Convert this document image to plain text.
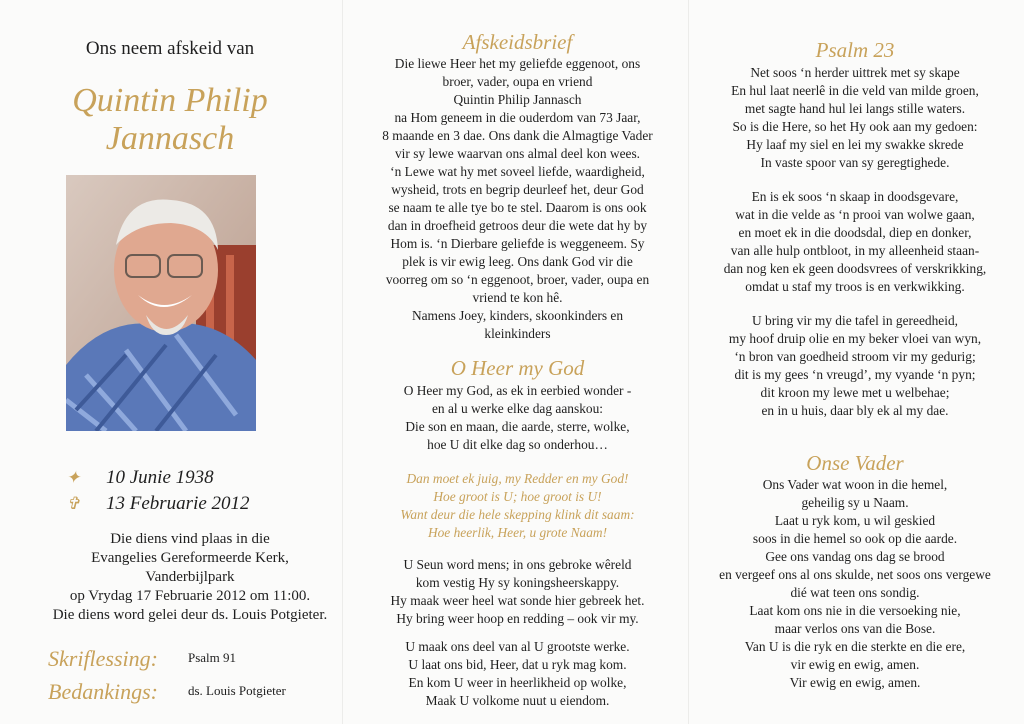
Ons neem afskeid van
Quintin Philip
Jannasch
✦ 10 Junie 1938
✞ 13 Februarie 2012
Die diens vind plaas in die
Evangelies Gereformeerde Kerk,
Vanderbijlpark
op Vrydag 17 Februarie 2012 om 11:00.
Die diens word gelei deur ds. Louis Potgieter.
Skriflessing: Psalm 91
Bedankings: ds. Louis Potgieter
Afskeidsbrief
Die liewe Heer het my geliefde eggenoot, ons
broer, vader, oupa en vriend
Quintin Philip Jannasch
na Hom geneem in die ouderdom van 73 Jaar,
8 maande en 3 dae. Ons dank die Almagtige Vader
vir sy lewe waarvan ons almal deel kon wees.
‘n Lewe wat hy met soveel liefde, waardigheid,
wysheid, trots en begrip deurleef het, deur God
se naam te alle tye bo te stel. Daarom is ons ook
dan in droefheid getroos deur die wete dat hy by
Hom is. ‘n Dierbare geliefde is weggeneem. Sy
plek is vir ewig leeg. Ons dank God vir die
voorreg om so ‘n eggenoot, broer, vader, oupa en
vriend te kon hê.
Namens Joey, kinders, skoonkinders en
kleinkinders
O Heer my God
O Heer my God, as ek in eerbied wonder -
en al u werke elke dag aanskou:
Die son en maan, die aarde, sterre, wolke,
hoe U dit elke dag so onderhou…
Dan moet ek juig, my Redder en my God!
Hoe groot is U; hoe groot is U!
Want deur die hele skepping klink dit saam:
Hoe heerlik, Heer, u grote Naam!
U Seun word mens; in ons gebroke wêreld
kom vestig Hy sy koningsheerskappy.
Hy maak weer heel wat sonde hier gebreek het.
Hy bring weer hoop en redding – ook vir my.
U maak ons deel van al U grootste werke.
U laat ons bid, Heer, dat u ryk mag kom.
En kom U weer in heerlikheid op wolke,
Maak U volkome nuut u eiendom.
Psalm 23
Net soos ‘n herder uittrek met sy skape
En hul laat neerlê in die veld van milde groen,
met sagte hand hul lei langs stille waters.
So is die Here, so het Hy ook aan my gedoen:
Hy laaf my siel en lei my swakke skrede
In vaste spoor van sy geregtighede.
En is ek soos ‘n skaap in doodsgevare,
wat in die velde as ‘n prooi van wolwe gaan,
en moet ek in die doodsdal, diep en donker,
van alle hulp ontbloot, in my alleenheid staan-
dan nog ken ek geen doodsvrees of verskrikking,
omdat u staf my troos is en verkwikking.
U bring vir my die tafel in gereedheid,
my hoof druip olie en my beker vloei van wyn,
‘n bron van goedheid stroom vir my gedurig;
dit is my gees ‘n vreugd’, my vyande ‘n pyn;
dit kroon my lewe met u welbehae;
en in u huis, daar bly ek al my dae.
Onse Vader
Ons Vader wat woon in die hemel,
geheilig sy u Naam.
Laat u ryk kom, u wil geskied
soos in die hemel so ook op die aarde.
Gee ons vandag ons dag se brood
en vergeef ons al ons skulde, net soos ons vergewe
dié wat teen ons sondig.
Laat kom ons nie in die versoeking nie,
maar verlos ons van die Bose.
Van U is die ryk en die sterkte en die ere,
vir ewig en ewig, amen.
Vir ewig en ewig, amen.
